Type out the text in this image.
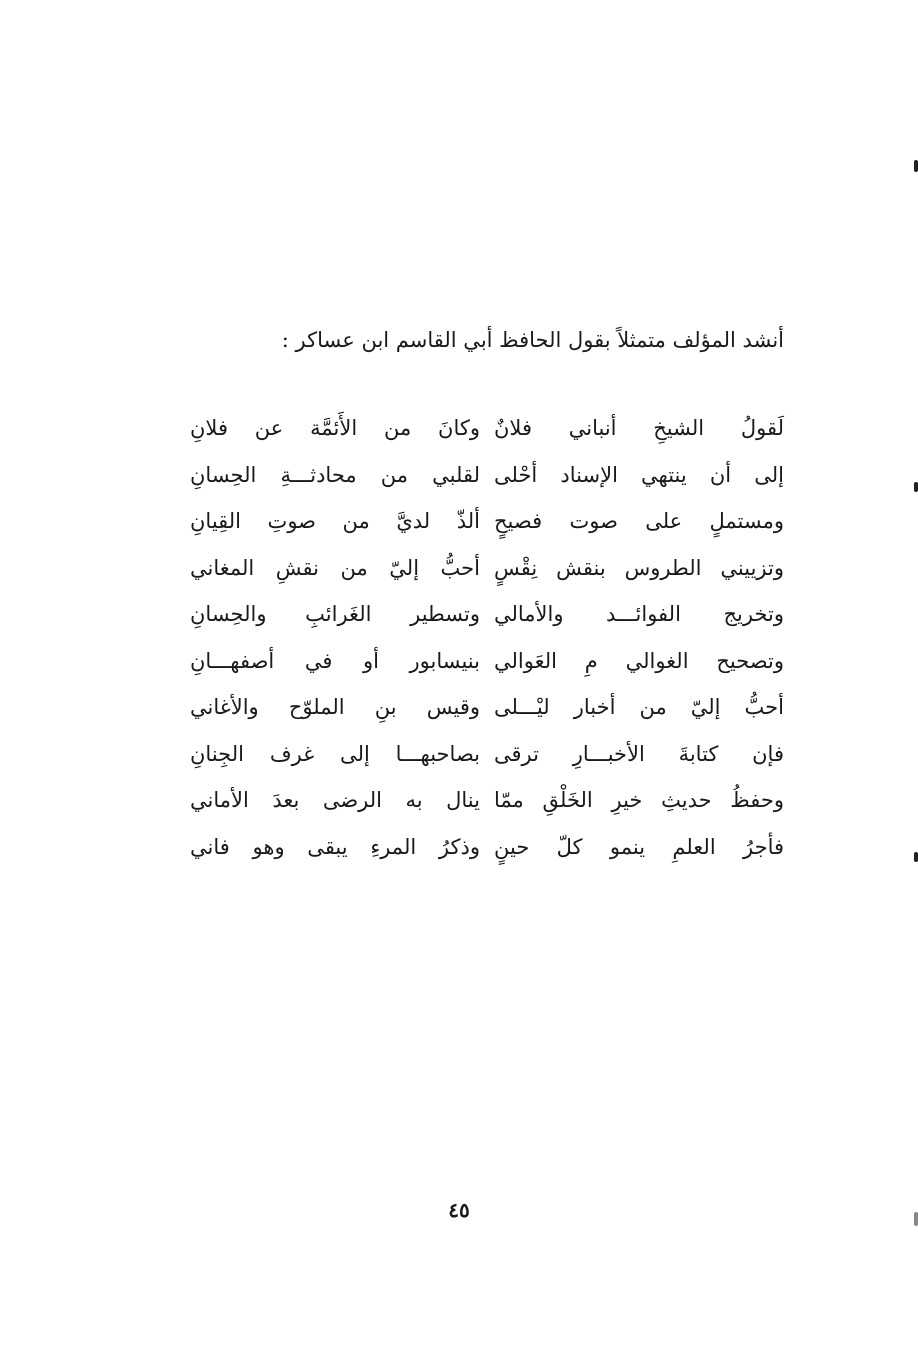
أنشد المؤلف متمثلاً بقول الحافظ أبي القاسم ابن عساكر :
لَقولُ الشيخِ أنباني فلانٌ
وكانَ من الأَئمَّة عن فلانِ
إلى أن ينتهي الإسناد أحْلى
لقلبي من محادثـــةِ الحِسانِ
ومستملٍ على صوت فصيحٍ
ألذّ لديَّ من صوتِ القِيانِ
وتزييني الطروس بنقش نِقْسٍ
أحبُّ إليّ من نقشِ المغاني
وتخريج الفوائـــد والأمالي
وتسطير الغَرائبِ والحِسانِ
وتصحيح الغوالي مِ العَوالي
بنيسابور أو في أصفهـــانِ
أحبُّ إليّ من أخبار ليْـــلى
وقيس بنِ الملوّح والأغاني
فإن كتابةَ الأخبـــارِ ترقى
بصاحبهـــا إلى غرف الجِنانِ
وحفظُ حديثِ خيرِ الخَلْقِ ممّا
ينال به الرضى بعدَ الأماني
فأجرُ العلمِ ينمو كلّ حينٍ
وذكرُ المرءِ يبقى وهو فاني
٤٥
